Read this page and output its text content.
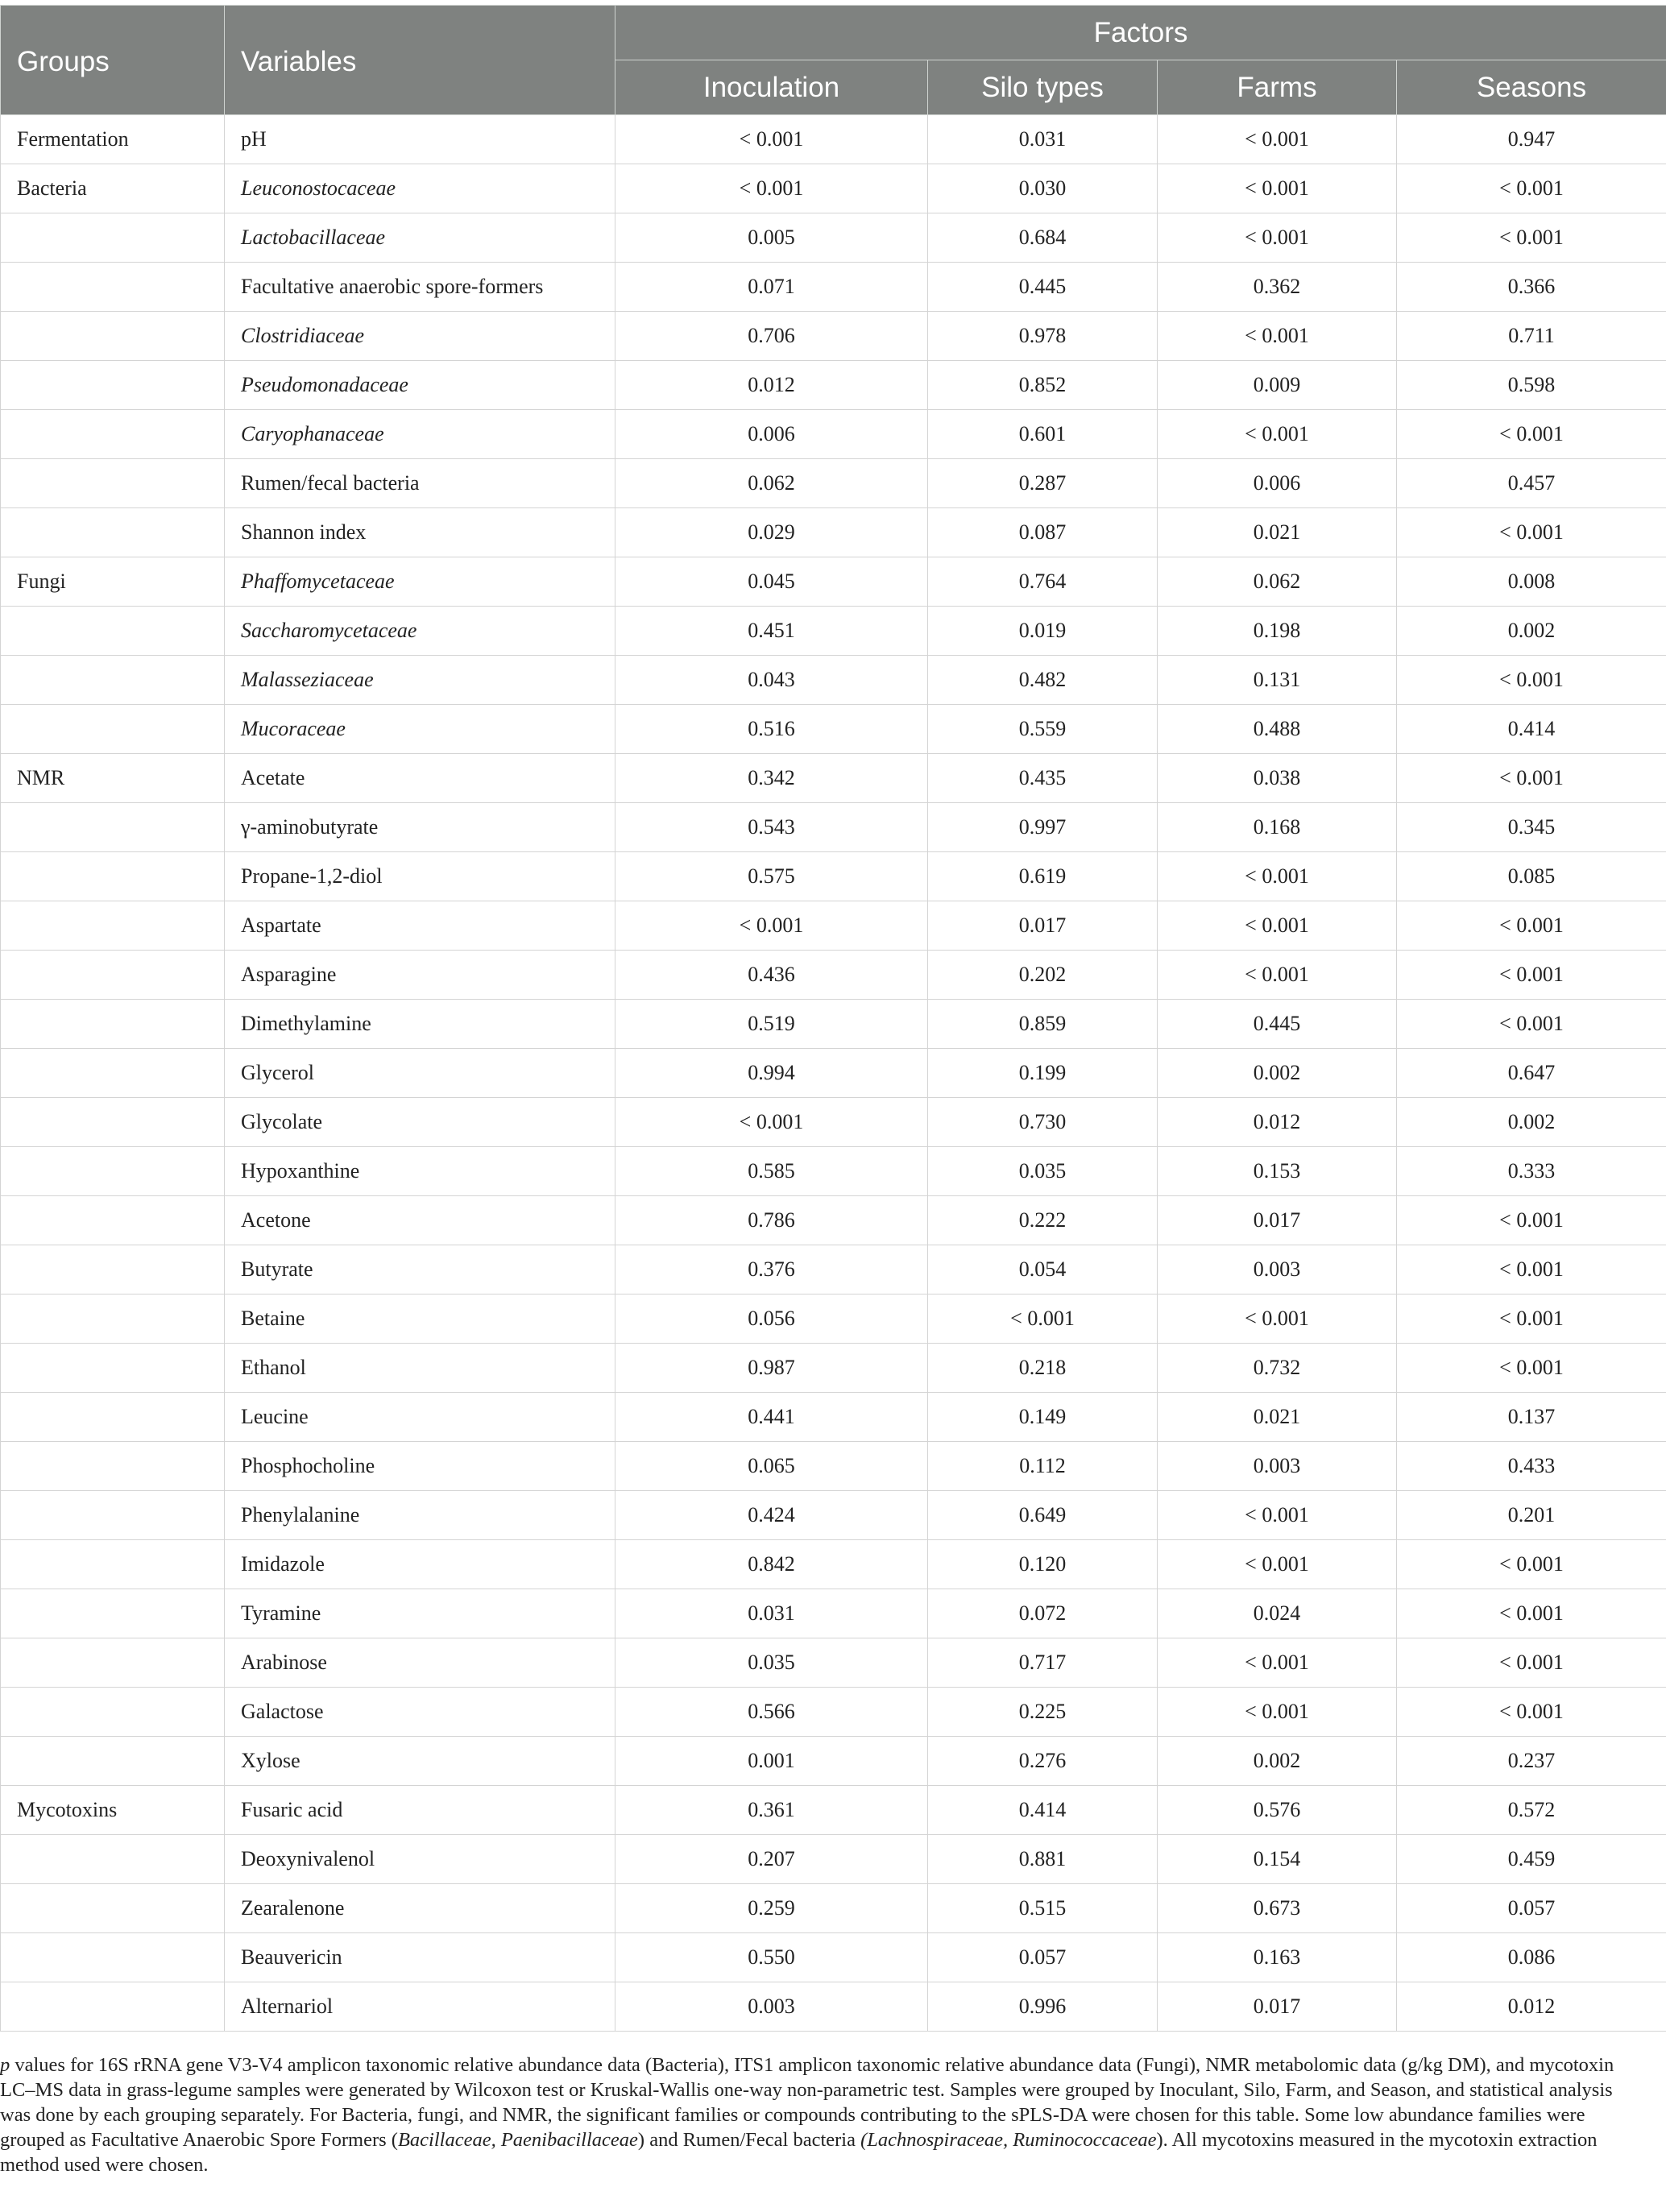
Groups	Variables	Factors			
		Inoculation	Silo types	Farms	Seasons
Fermentation	pH	< 0.001	0.031	< 0.001	0.947
Bacteria	Leuconostocaceae	< 0.001	0.030	< 0.001	< 0.001
	Lactobacillaceae	0.005	0.684	< 0.001	< 0.001
	Facultative anaerobic spore-formers	0.071	0.445	0.362	0.366
	Clostridiaceae	0.706	0.978	< 0.001	0.711
	Pseudomonadaceae	0.012	0.852	0.009	0.598
	Caryophanaceae	0.006	0.601	< 0.001	< 0.001
	Rumen/fecal bacteria	0.062	0.287	0.006	0.457
	Shannon index	0.029	0.087	0.021	< 0.001
Fungi	Phaffomycetaceae	0.045	0.764	0.062	0.008
	Saccharomycetaceae	0.451	0.019	0.198	0.002
	Malasseziaceae	0.043	0.482	0.131	< 0.001
	Mucoraceae	0.516	0.559	0.488	0.414
NMR	Acetate	0.342	0.435	0.038	< 0.001
	γ-aminobutyrate	0.543	0.997	0.168	0.345
	Propane-1,2-diol	0.575	0.619	< 0.001	0.085
	Aspartate	< 0.001	0.017	< 0.001	< 0.001
	Asparagine	0.436	0.202	< 0.001	< 0.001
	Dimethylamine	0.519	0.859	0.445	< 0.001
	Glycerol	0.994	0.199	0.002	0.647
	Glycolate	< 0.001	0.730	0.012	0.002
	Hypoxanthine	0.585	0.035	0.153	0.333
	Acetone	0.786	0.222	0.017	< 0.001
	Butyrate	0.376	0.054	0.003	< 0.001
	Betaine	0.056	< 0.001	< 0.001	< 0.001
	Ethanol	0.987	0.218	0.732	< 0.001
	Leucine	0.441	0.149	0.021	0.137
	Phosphocholine	0.065	0.112	0.003	0.433
	Phenylalanine	0.424	0.649	< 0.001	0.201
	Imidazole	0.842	0.120	< 0.001	< 0.001
	Tyramine	0.031	0.072	0.024	< 0.001
	Arabinose	0.035	0.717	< 0.001	< 0.001
	Galactose	0.566	0.225	< 0.001	< 0.001
	Xylose	0.001	0.276	0.002	0.237
Mycotoxins	Fusaric acid	0.361	0.414	0.576	0.572
	Deoxynivalenol	0.207	0.881	0.154	0.459
	Zearalenone	0.259	0.515	0.673	0.057
	Beauvericin	0.550	0.057	0.163	0.086
	Alternariol	0.003	0.996	0.017	0.012
p values for 16S rRNA gene V3-V4 amplicon taxonomic relative abundance data (Bacteria), ITS1 amplicon taxonomic relative abundance data (Fungi), NMR metabolomic data (g/kg DM), and mycotoxin LC–MS data in grass-legume samples were generated by Wilcoxon test or Kruskal-Wallis one-way non-parametric test. Samples were grouped by Inoculant, Silo, Farm, and Season, and statistical analysis was done by each grouping separately. For Bacteria, fungi, and NMR, the significant families or compounds contributing to the sPLS-DA were chosen for this table. Some low abundance families were grouped as Facultative Anaerobic Spore Formers (Bacillaceae, Paenibacillaceae) and Rumen/Fecal bacteria (Lachnospiraceae, Ruminococcaceae). All mycotoxins measured in the mycotoxin extraction method used were chosen.
